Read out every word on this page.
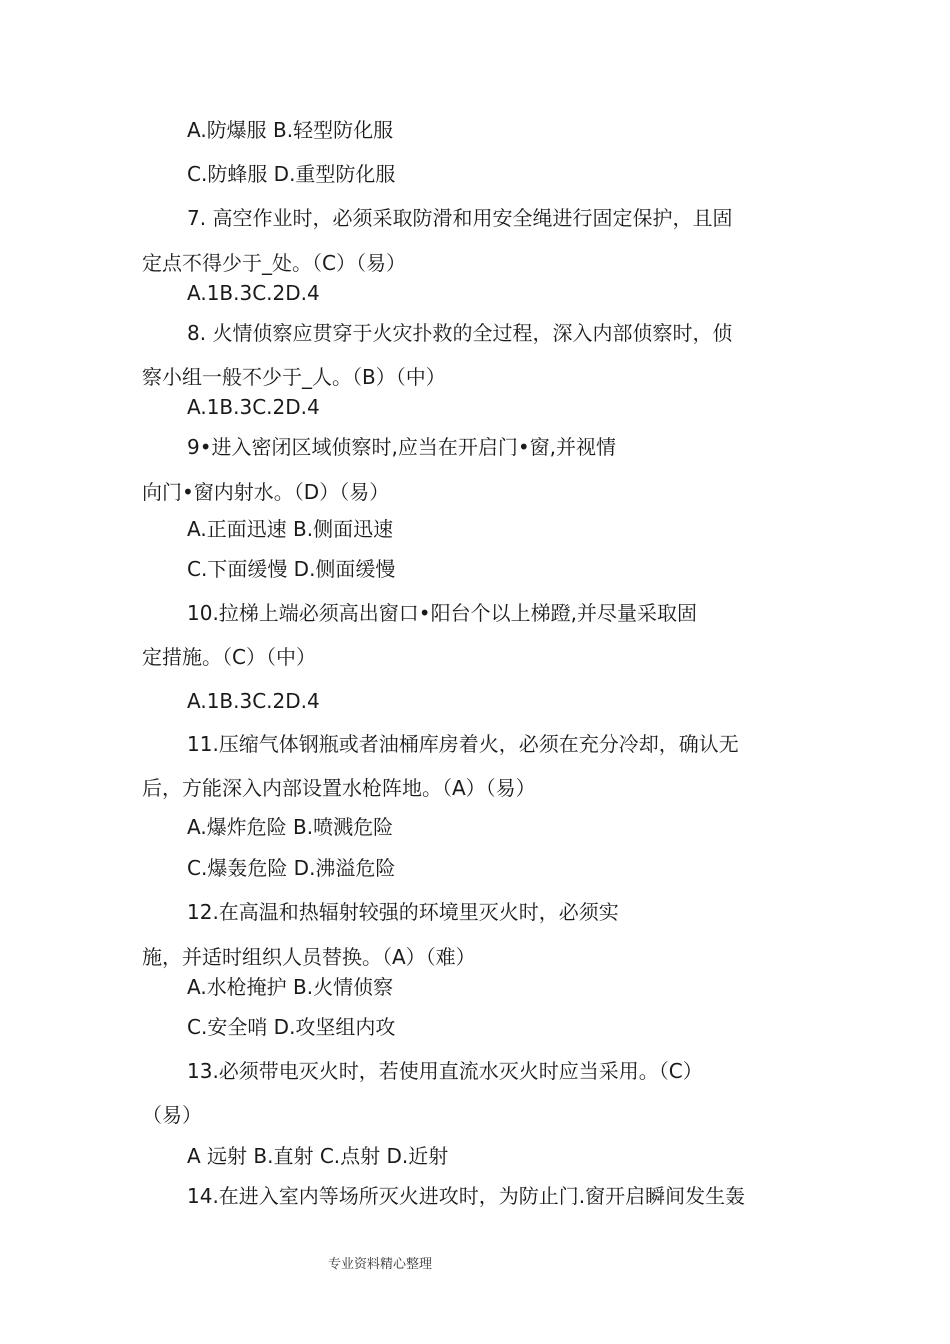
A.防爆服 B.轻型防化服

C.防蜂服 D.重型防化服

7. 高空作业时，必须采取防滑和用安全绳进行固定保护，且固

定点不得少于_处。（C）（易）

A.1B.3C.2D.4

8. 火情侦察应贯穿于火灾扑救的全过程，深入内部侦察时，侦

察小组一般不少于_人。（B）（中）

A.1B.3C.2D.4

9•进入密闭区域侦察时,应当在开启门•窗,并视情

向门•窗内射水。（D）（易）

A.正面迅速 B.侧面迅速

C.下面缓慢 D.侧面缓慢

10.拉梯上端必须高出窗口•阳台个以上梯蹬,并尽量采取固

定措施。（C）（中）

A.1B.3C.2D.4

11.压缩气体钢瓶或者油桶库房着火，必须在充分冷却，确认无

后，方能深入内部设置水枪阵地。（A）（易）

A.爆炸危险 B.喷溅危险

C.爆轰危险 D.沸溢危险

12.在高温和热辐射较强的环境里灭火时，必须实

施，并适时组织人员替换。（A）（难）

A.水枪掩护 B.火情侦察

C.安全哨 D.攻坚组内攻

13.必须带电灭火时，若使用直流水灭火时应当采用。（C）

（易）

A 远射 B.直射 C.点射 D.近射

14.在进入室内等场所灭火进攻时，为防止门.窗开启瞬间发生轰

专业资料精心整理
